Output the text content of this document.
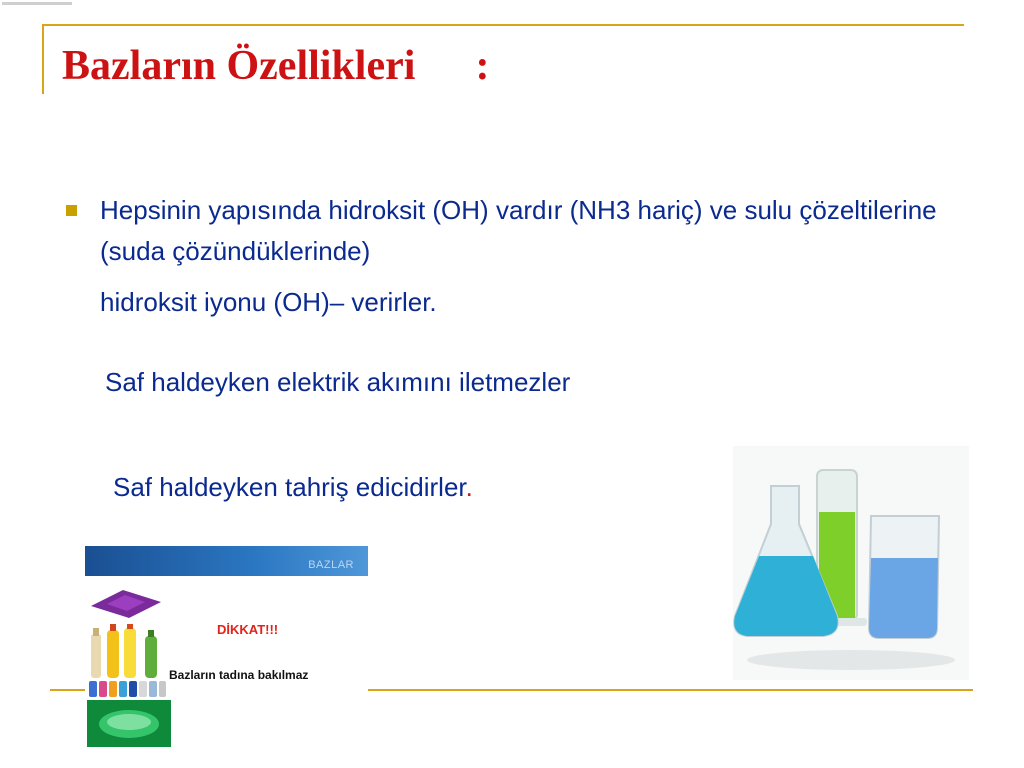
Bazların Özellikleri :
Hepsinin yapısında hidroksit (OH) vardır (NH3 hariç) ve sulu çözeltilerine (suda çözündüklerinde)
hidroksit iyonu (OH)– verirler.
Saf haldeyken elektrik akımını iletmezler
Saf haldeyken tahriş edicidirler.
BAZLAR
DİKKAT!!!
Bazların tadına bakılmaz
